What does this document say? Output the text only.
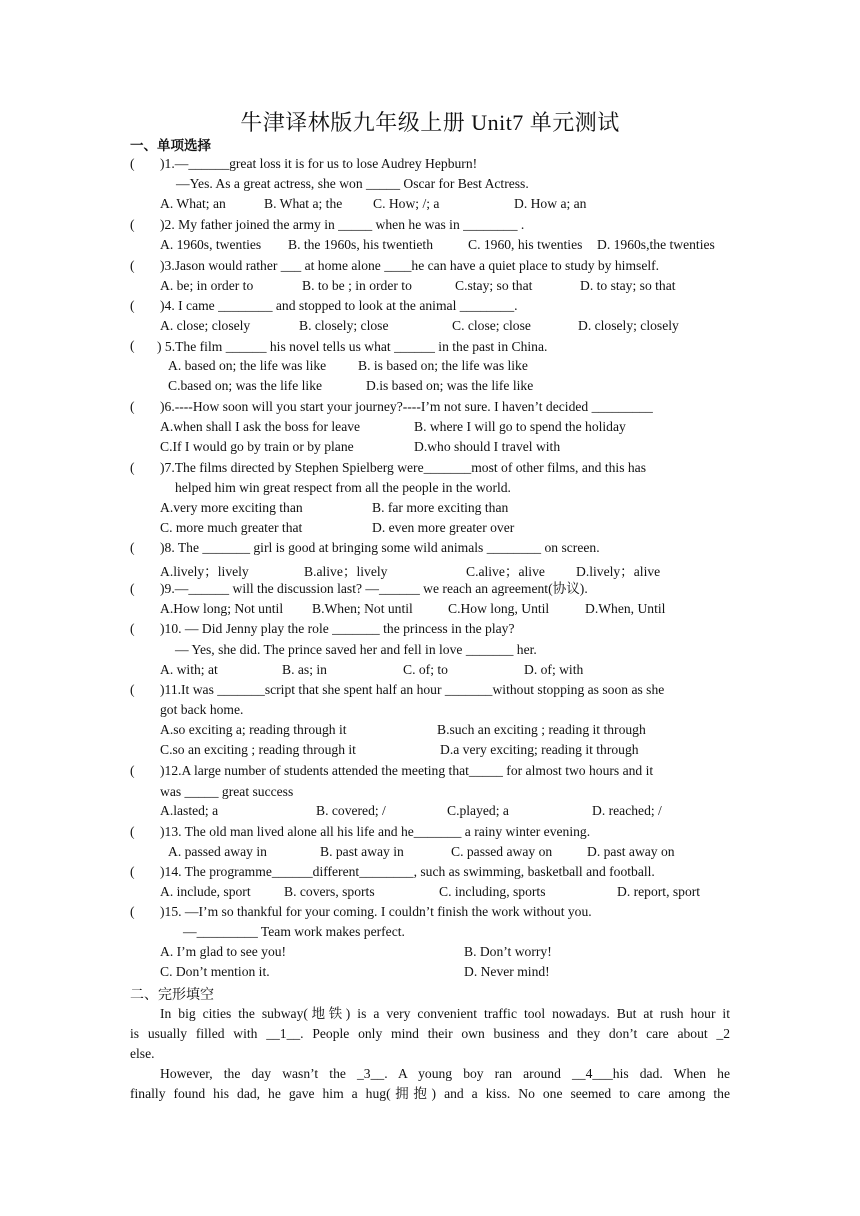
牛津译林版九年级上册 Unit7 单元测试
一、单项选择
( )1.—______great loss it is for us to lose Audrey Hepburn!
—Yes. As a great actress, she won _____ Oscar for Best Actress.
A. What; an	B. What a; the C. How; /; a	D. How a; an
( )2. My father joined the army in _____ when he was in ________ .
A. 1960s, twenties B. the 1960s, his twentieth	C. 1960, his twenties D. 1960s,the twenties
( )3.Jason would rather ___ at home alone ____he can have a quiet place to study by himself.
A. be; in order to	B. to be ; in order to	C.stay; so that	D. to stay; so that
( )4. I came ________ and stopped to look at the animal ________.
A. close; closely	B. closely; close	C. close; close	D. closely; closely
( ) 5.The film ______ his novel tells us what ______ in the past in China.
A. based on; the life was like B. is based on; the life was like
C.based on; was the life like	D.is based on; was the life like
( )6.----How soon will you start your journey?----I’m not sure. I haven’t decided _________
A.when shall I ask the boss for leave	B. where I will go to spend the holiday
C.If I would go by train or by plane	D.who should I travel with
( )7.The films directed by Stephen Spielberg were_______most of other films, and this has
helped him win great respect from all the people in the world.
A.very more exciting than	B. far more exciting than
C. more much greater that	D. even more greater over
( )8. The _______ girl is good at bringing some wild animals ________ on screen.
A.lively；lively	B.alive；lively	C.alive；alive D.lively；alive
( )9.—______ will the discussion last? —______ we reach an agreement(协议).
A.How long; Not until B.When; Not until	C.How long, Until	D.When, Until
( )10. — Did Jenny play the role _______ the princess in the play?
— Yes, she did. The prince saved her and fell in love _______ her.
A. with; at	B. as; in	C. of; to	D. of; with
( )11.It was _______script that she spent half an hour _______without stopping as soon as she
got back home.
A.so exciting a; reading through it	B.such an exciting ; reading it through
C.so an exciting ; reading through it	D.a very exciting; reading it through
( )12.A large number of students attended the meeting that_____ for almost two hours and it
was _____ great success
A.lasted; a	B. covered; /	C.played; a	D. reached; /
( )13. The old man lived alone all his life and he_______ a rainy winter evening.
A. passed away in	B. past away in	C. passed away on	D. past away on
( )14. The programme______different________, such as swimming, basketball and football.
A. include, sport B. covers, sports	C. including, sports	D. report, sport
( )15. —I’m so thankful for your coming. I couldn’t finish the work without you.
—_________ Team work makes perfect.
A. I’m glad to see you!	B. Don’t worry!
C. Don’t mention it.	D. Never mind!
二、完形填空
In big cities the subway(地铁) is a very convenient traffic tool nowadays. But at rush hour it
is usually filled with __1__. People only mind their own business and they don’t care about _2
else.
However, the day wasn’t the _3__. A young boy ran around __4___his dad. When he
finally found his dad, he gave him a hug(拥抱) and a kiss. No one seemed to care among the
